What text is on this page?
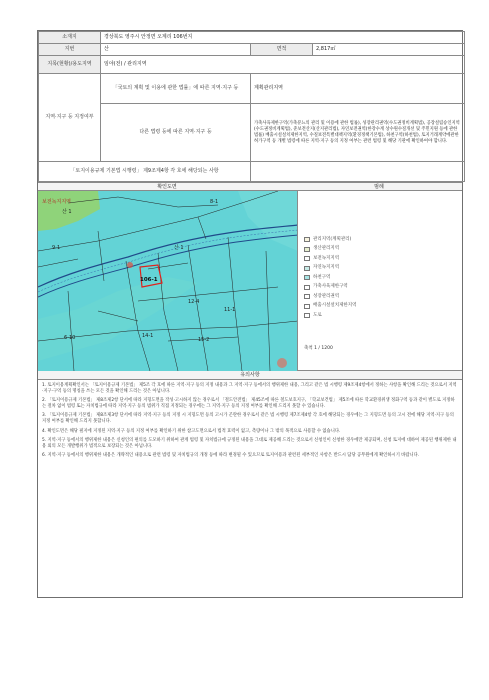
소재지	경상북도 영주시 안정면 오계리 106번지		
지번	산	면적	2,817㎡
지목(현황)/용도지역	임야(전) / 관리지역		
지역·지구 등 지정여부	「국토의 계획 및 이용에 관한 법률」에 따른 지역·지구 등	계획관리지역	
	다른 법령 등에 따른 지역·지구 등	가축사육제한구역(가축분뇨의 관리 및 이용에 관한 법률), 성장관리권역(수도권정비계획법), 공장설립승인지역(수도권정비계획법), 준보전산지(산지관리법), 자연보전권역(한강수계 상수원수질개선 및 주민지원 등에 관한 법률) 배출시설설치제한지역, 수질보전특별대책지역(환경정책기본법), 하천구역(하천법), 토지거래계약에관한허가구역 등 개별 법령에 따른 지역·지구 등의 지정 여부는 관련 법령 및 해당 기관에 확인하여야 합니다.	
「토지이용규제 기본법 시행령」 제9조제4항 각 호에 해당되는 사항			
확인도면	범례
보전녹지지역
산 1
8-1
9-1
11-1
12-4
14-1
15-2
6-10
산 1
106-1
관리지역(계획관리)
생산관리지역
보전녹지지역
자연녹지지역
하천구역
가축사육제한구역
성장관리권역
배출시설설치제한지역
도로
축척 1 / 1200
유의사항

1. 토지이용계획확인서는 「토지이용규제 기본법」 제5조 각 호에 따른 지역·지구 등의 지정 내용과 그 지역·지구 등에서의 행위제한 내용, 그리고 같은 법 시행령 제9조제4항에서 정하는 사항을 확인해 드리는 것으로서 지역·지구·구역 등의 명칭을 쓰는 모든 것을 확인해 드리는 것은 아닙니다.

2. 「토지이용규제 기본법」 제8조제2항 단서에 따라 지형도면을 작성·고시하지 않는 경우로서 「철도안전법」 제45조에 따른 철도보호지구, 「학교보건법」 제5조에 따른 학교환경위생 정화구역 등과 같이 별도로 지정하는 절차 없이 법령 또는 자치법규에 따라 지역·지구 등의 범위가 직접 지정되는 경우에는 그 지역·지구 등의 지정 여부를 확인해 드리지 못할 수 있습니다.

3. 「토지이용규제 기본법」 제8조제3항 단서에 따라 지역·지구 등의 지정 시 지형도면 등의 고시가 곤란한 경우로서 같은 법 시행령 제7조제4항 각 호에 해당되는 경우에는 그 지형도면 등의 고시 전에 해당 지역·지구 등의 지정 여부를 확인해 드리지 못합니다.

4. 확인도면은 해당 필지에 지정된 지역·지구 등의 지정 여부를 확인하기 위한 참고도면으로서 법적 효력이 없고, 측량이나 그 밖의 목적으로 사용할 수 없습니다.

5. 지역·지구 등에서의 행위제한 내용은 신청인의 편의를 도모하기 위하여 관계 법령 및 자치법규에 규정된 내용을 그대로 제공해 드리는 것으로서 신청인이 신청한 경우에만 제공되며, 신청 토지에 대하여 제공된 행위제한 내용 외의 모든 개발행위가 법적으로 보장되는 것은 아닙니다.

6. 지역·지구 등에서의 행위제한 내용은 개략적인 내용으로 관련 법령 및 자치법규의 개정 등에 따라 변경될 수 있으므로 토지이용과 관련된 세부적인 사항은 반드시 담당 공무원에게 확인하시기 바랍니다.
